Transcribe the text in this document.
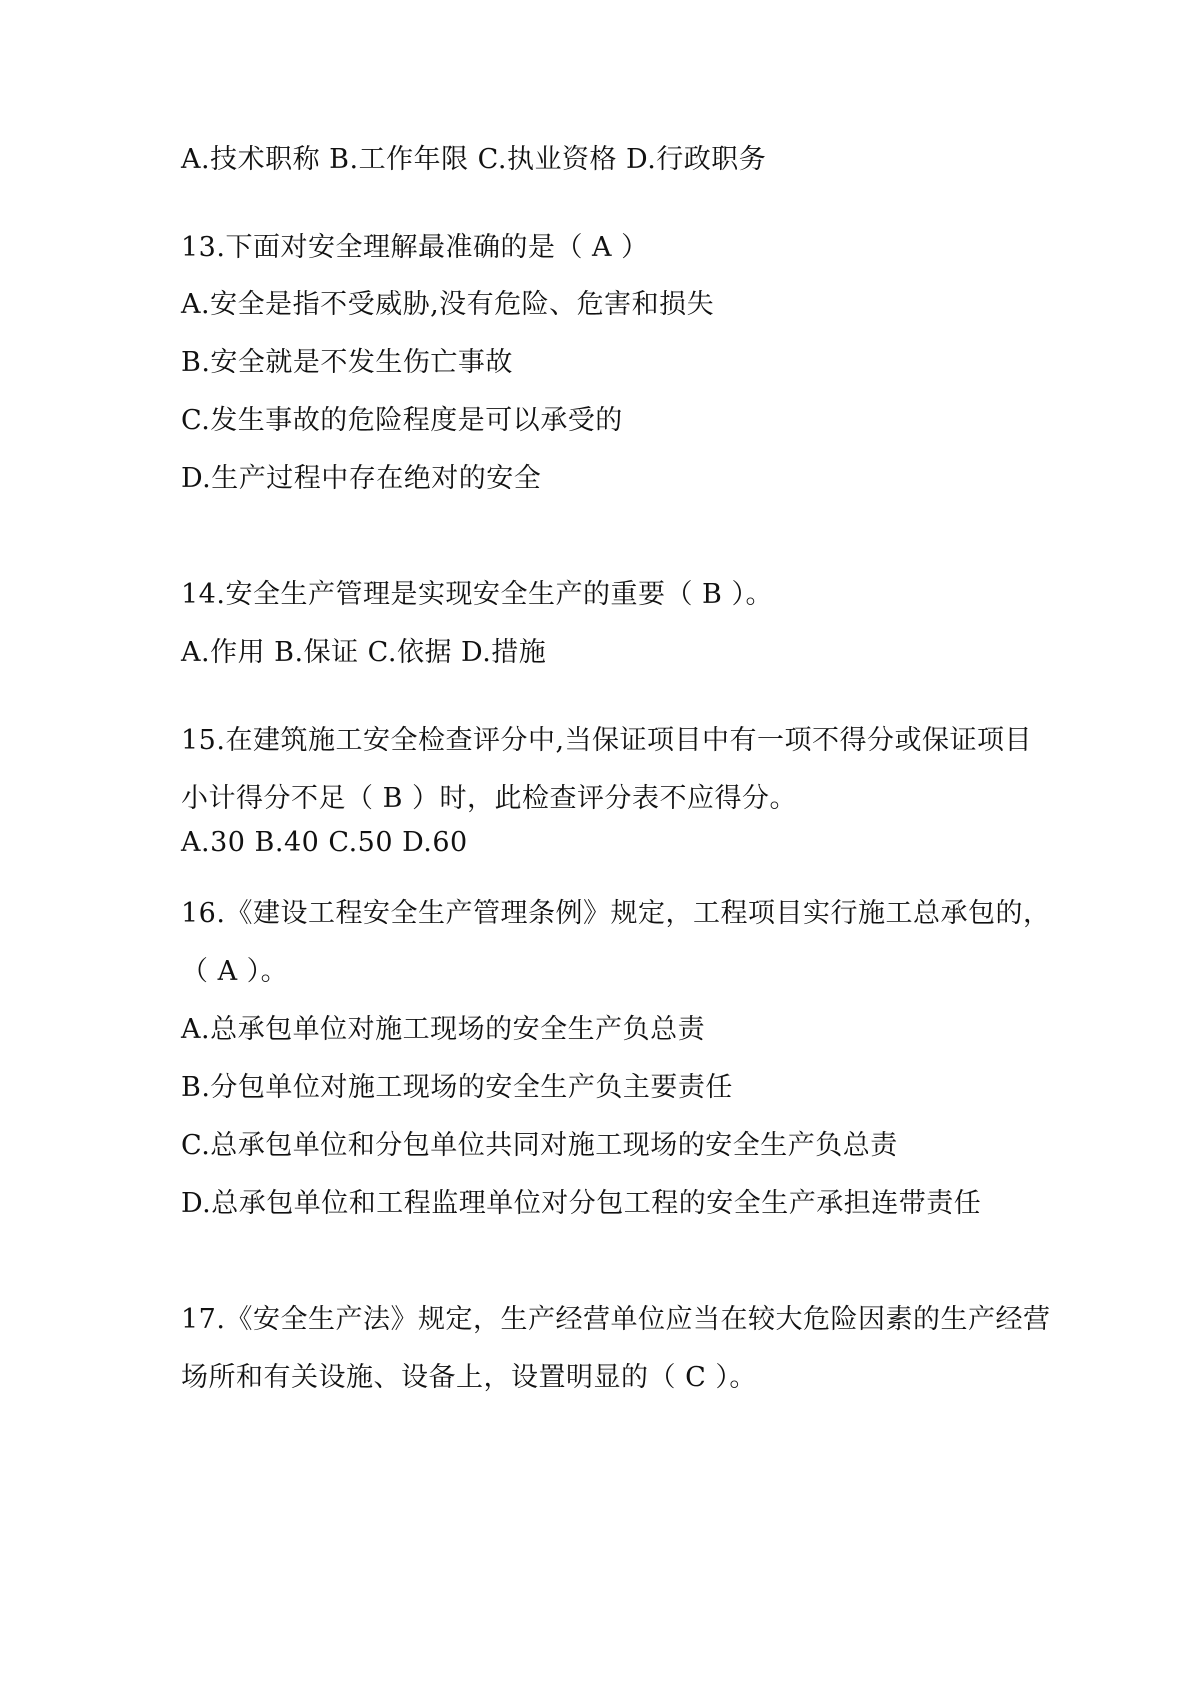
A.技术职称 B.工作年限 C.执业资格 D.行政职务
13.下面对安全理解最准确的是（ A ）
A.安全是指不受威胁,没有危险、危害和损失
B.安全就是不发生伤亡事故
C.发生事故的危险程度是可以承受的
D.生产过程中存在绝对的安全
14.安全生产管理是实现安全生产的重要（ B ）。
A.作用 B.保证 C.依据 D.措施
15.在建筑施工安全检查评分中,当保证项目中有一项不得分或保证项目
小计得分不足（ B ）时，此检查评分表不应得分。
A.30 B.40 C.50 D.60
16.《建设工程安全生产管理条例》规定，工程项目实行施工总承包的，
（ A ）。
A.总承包单位对施工现场的安全生产负总责
B.分包单位对施工现场的安全生产负主要责任
C.总承包单位和分包单位共同对施工现场的安全生产负总责
D.总承包单位和工程监理单位对分包工程的安全生产承担连带责任
17.《安全生产法》规定，生产经营单位应当在较大危险因素的生产经营
场所和有关设施、设备上，设置明显的（ C ）。
